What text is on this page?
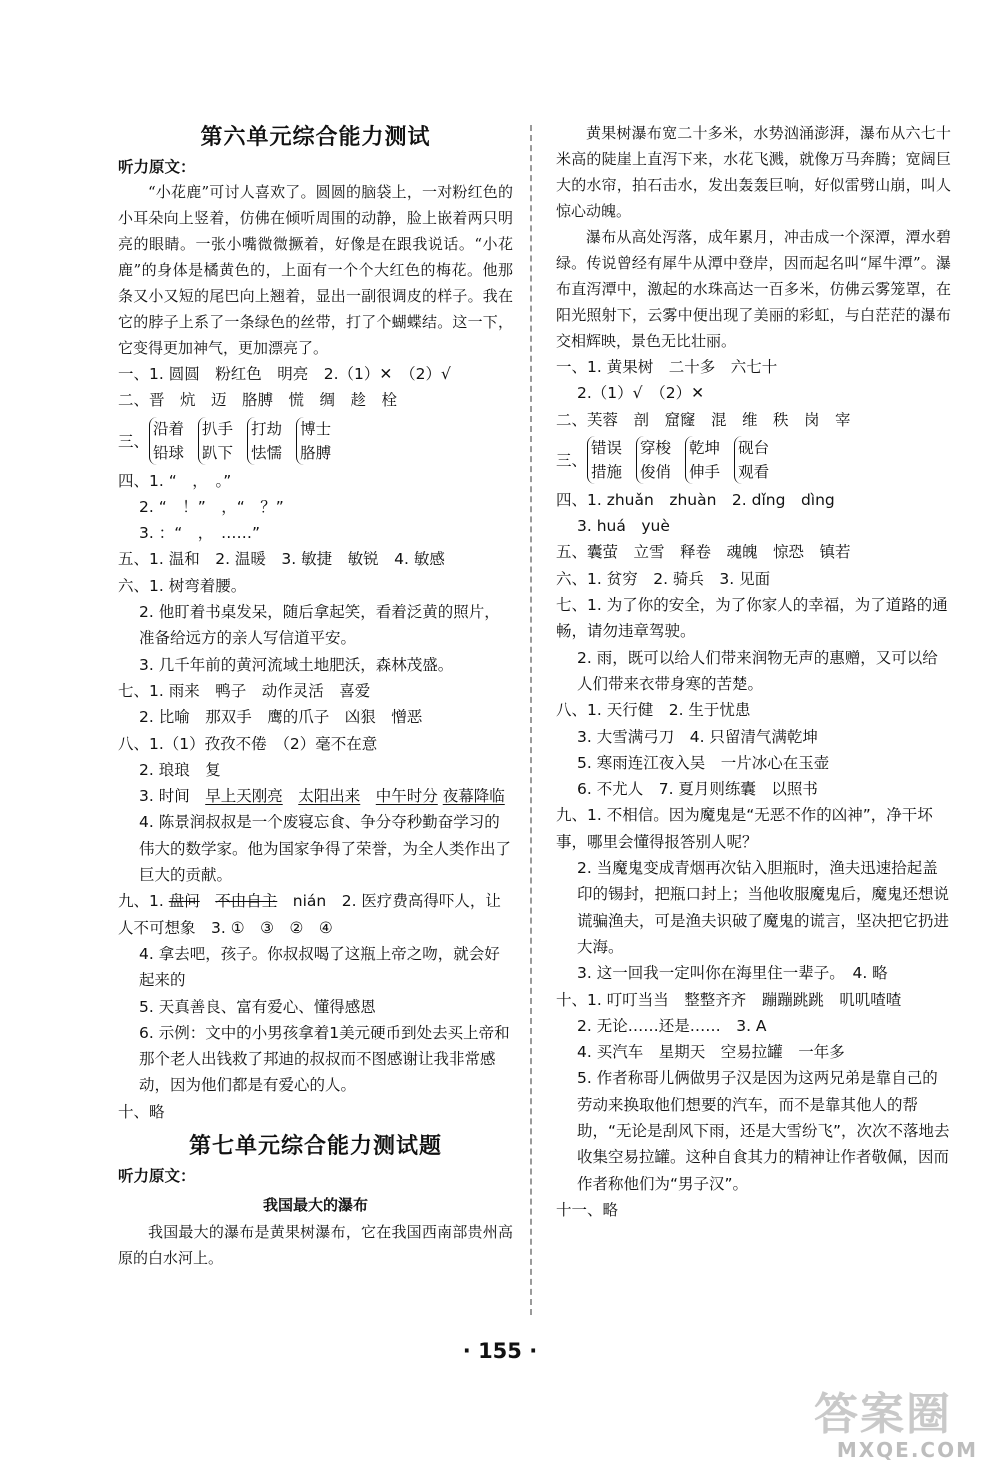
第六单元综合能力测试

听力原文：

“小花鹿”可讨人喜欢了。圆圆的脑袋上，一对粉红色的小耳朵向上竖着，仿佛在倾听周围的动静，脸上嵌着两只明亮的眼睛。一张小嘴微微撅着，好像是在跟我说话。“小花鹿”的身体是橘黄色的，上面有一个个大红色的梅花。他那条又小又短的尾巴向上翘着，显出一副很调皮的样子。我在它的脖子上系了一条绿色的丝带，打了个蝴蝶结。这一下，它变得更加神气，更加漂亮了。

一、1. 圆圆　粉红色　明亮　2.（1）✕　（2）√

二、晋　炕　迈　胳膊　慌　绸　趁　栓

三、
沿着
铅球
扒手
趴下
打劫
怯懦
博士
胳膊

四、1. “　，　。”

2. “　！”　，“　？”

3. ：“　，　……”

五、1. 温和　2. 温暖　3. 敏捷　敏锐　4. 敏感

六、1. 树弯着腰。

2. 他盯着书桌发呆，随后拿起笑，看着泛黄的照片，准备给远方的亲人写信道平安。

3. 几千年前的黄河流域土地肥沃，森林茂盛。

七、1. 雨来　鸭子　动作灵活　喜爱

2. 比喻　那双手　鹰的爪子　凶狠　憎恶

八、1.（1）孜孜不倦　（2）毫不在意

2. 琅琅　复

3. 时间　早上天刚亮　 太阳出来　 中午时分 夜幕降临

4. 陈景润叔叔是一个废寝忘食、争分夺秒勤奋学习的伟大的数学家。他为国家争得了荣誉，为全人类作出了巨大的贡献。

九、1. 盘问　 不由自主　nián　2. 医疗费高得吓人，让人不可想象　3. ①　③　②　④

4. 拿去吧，孩子。你叔叔喝了这瓶上帝之吻，就会好起来的

5. 天真善良、富有爱心、懂得感恩

6. 示例：文中的小男孩拿着1美元硬币到处去买上帝和那个老人出钱救了邦迪的叔叔而不图感谢让我非常感动，因为他们都是有爱心的人。

十、略

第七单元综合能力测试题

听力原文：

我国最大的瀑布

我国最大的瀑布是黄果树瀑布，它在我国西南部贵州高原的白水河上。

黄果树瀑布宽二十多米，水势汹涌澎湃，瀑布从六七十米高的陡崖上直泻下来，水花飞溅，就像万马奔腾；宽阔巨大的水帘，拍石击水，发出轰轰巨响，好似雷劈山崩，叫人惊心动魄。

瀑布从高处泻落，成年累月，冲击成一个深潭，潭水碧绿。传说曾经有犀牛从潭中登岸，因而起名叫“犀牛潭”。瀑布直泻潭中，激起的水珠高达一百多米，仿佛云雾笼罩，在阳光照射下，云雾中便出现了美丽的彩虹，与白茫茫的瀑布交相辉映，景色无比壮丽。

一、1. 黄果树　二十多　六七十

2.（1）√　（2）✕

二、芙蓉　剖　窟窿　混　维　秩　岗　宰

三、
错误
措施
穿梭
俊俏
乾坤
伸手
砚台
观看

四、1. zhuǎn　zhuàn　2. dǐng　dìng

3. huá　yuè

五、囊萤　立雪　释卷　魂魄　惊恐　镇若

六、1. 贫穷　2. 骑兵　3. 见面

七、1. 为了你的安全，为了你家人的幸福，为了道路的通畅，请勿违章驾驶。

2. 雨，既可以给人们带来润物无声的惠赠，又可以给人们带来衣带身寒的苦楚。

八、1. 天行健　2. 生于忧患

3. 大雪满弓刀　4. 只留清气满乾坤

5. 寒雨连江夜入吴　一片冰心在玉壶

6. 不尤人　7. 夏月则练囊　以照书

九、1. 不相信。因为魔鬼是“无恶不作的凶神”，净干坏事，哪里会懂得报答别人呢？

2. 当魔鬼变成青烟再次钻入胆瓶时，渔夫迅速拾起盖印的锡封，把瓶口封上；当他收服魔鬼后，魔鬼还想说谎骗渔夫，可是渔夫识破了魔鬼的谎言，坚决把它扔进大海。

3. 这一回我一定叫你在海里住一辈子。　4. 略

十、1. 叮叮当当　整整齐齐　蹦蹦跳跳　叽叽喳喳

2. 无论……还是……　3. A

4. 买汽车　星期天　空易拉罐　一年多

5. 作者称哥儿俩做男子汉是因为这两兄弟是靠自己的劳动来换取他们想要的汽车，而不是靠其他人的帮助，“无论是刮风下雨，还是大雪纷飞”，次次不落地去收集空易拉罐。这种自食其力的精神让作者敬佩，因而作者称他们为“男子汉”。

十一、略

· 155 ·
答案圈
MXQE.COM
